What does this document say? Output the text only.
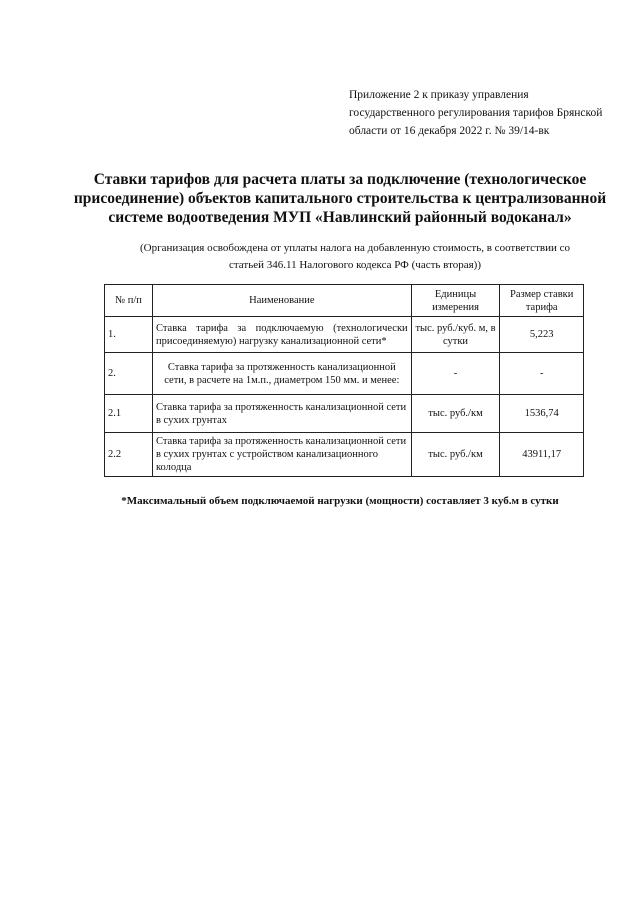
Приложение 2 к приказу управления
государственного регулирования тарифов Брянской
области от 16 декабря 2022 г. № 39/14-вк
Ставки тарифов для расчета платы за подключение (технологическое
присоединение) объектов капитального строительства к централизованной
системе водоотведения МУП «Навлинский районный водоканал»
(Организация освобождена от уплаты налога на добавленную стоимость, в соответствии со
статьей 346.11 Налогового кодекса РФ (часть вторая))
№ п/п	Наименование	Единицы измерения	Размер ставки тарифа
1.	Ставка тарифа за подключаемую (технологически присоединяемую) нагрузку канализационной сети*	тыс. руб./куб. м, в сутки	5,223
2.	Ставка тарифа за протяженность канализационной сети, в расчете на 1м.п., диаметром 150 мм. и менее:	-	-
2.1	Ставка тарифа за протяженность канализационной сети в сухих грунтах	тыс. руб./км	1536,74
2.2	Ставка тарифа за протяженность канализационной сети в сухих грунтах с устройством канализационного колодца	тыс. руб./км	43911,17
*Максимальный объем подключаемой нагрузки (мощности) составляет 3 куб.м в сутки
